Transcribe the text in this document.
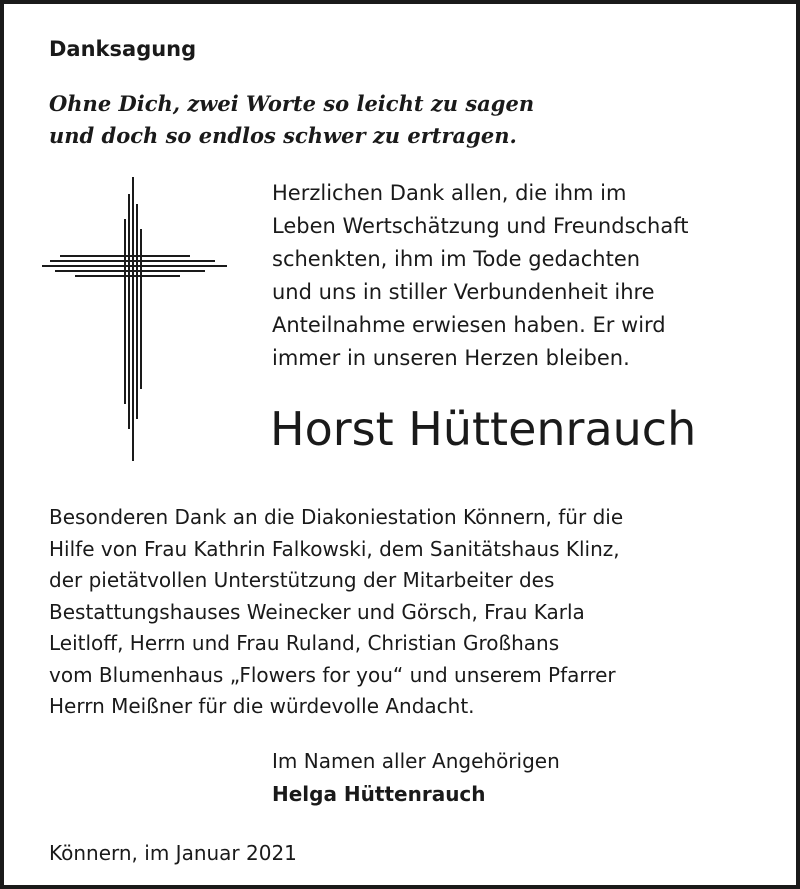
Danksagung
Ohne Dich, zwei Worte so leicht zu sagen
und doch so endlos schwer zu ertragen.
Herzlichen Dank allen, die ihm im
Leben Wertschätzung und Freundschaft
schenkten, ihm im Tode gedachten
und uns in stiller Verbundenheit ihre
Anteilnahme erwiesen haben. Er wird
immer in unseren Herzen bleiben.
Horst Hüttenrauch
Besonderen Dank an die Diakoniestation Könnern, für die
Hilfe von Frau Kathrin Falkowski, dem Sanitätshaus Klinz,
der pietätvollen Unterstützung der Mitarbeiter des
Bestattungshauses Weinecker und Görsch, Frau Karla
Leitloff, Herrn und Frau Ruland, Christian Großhans
vom Blumenhaus „Flowers for you“ und unserem Pfarrer
Herrn Meißner für die würdevolle Andacht.
Im Namen aller Angehörigen
Helga Hüttenrauch
Könnern, im Januar 2021
